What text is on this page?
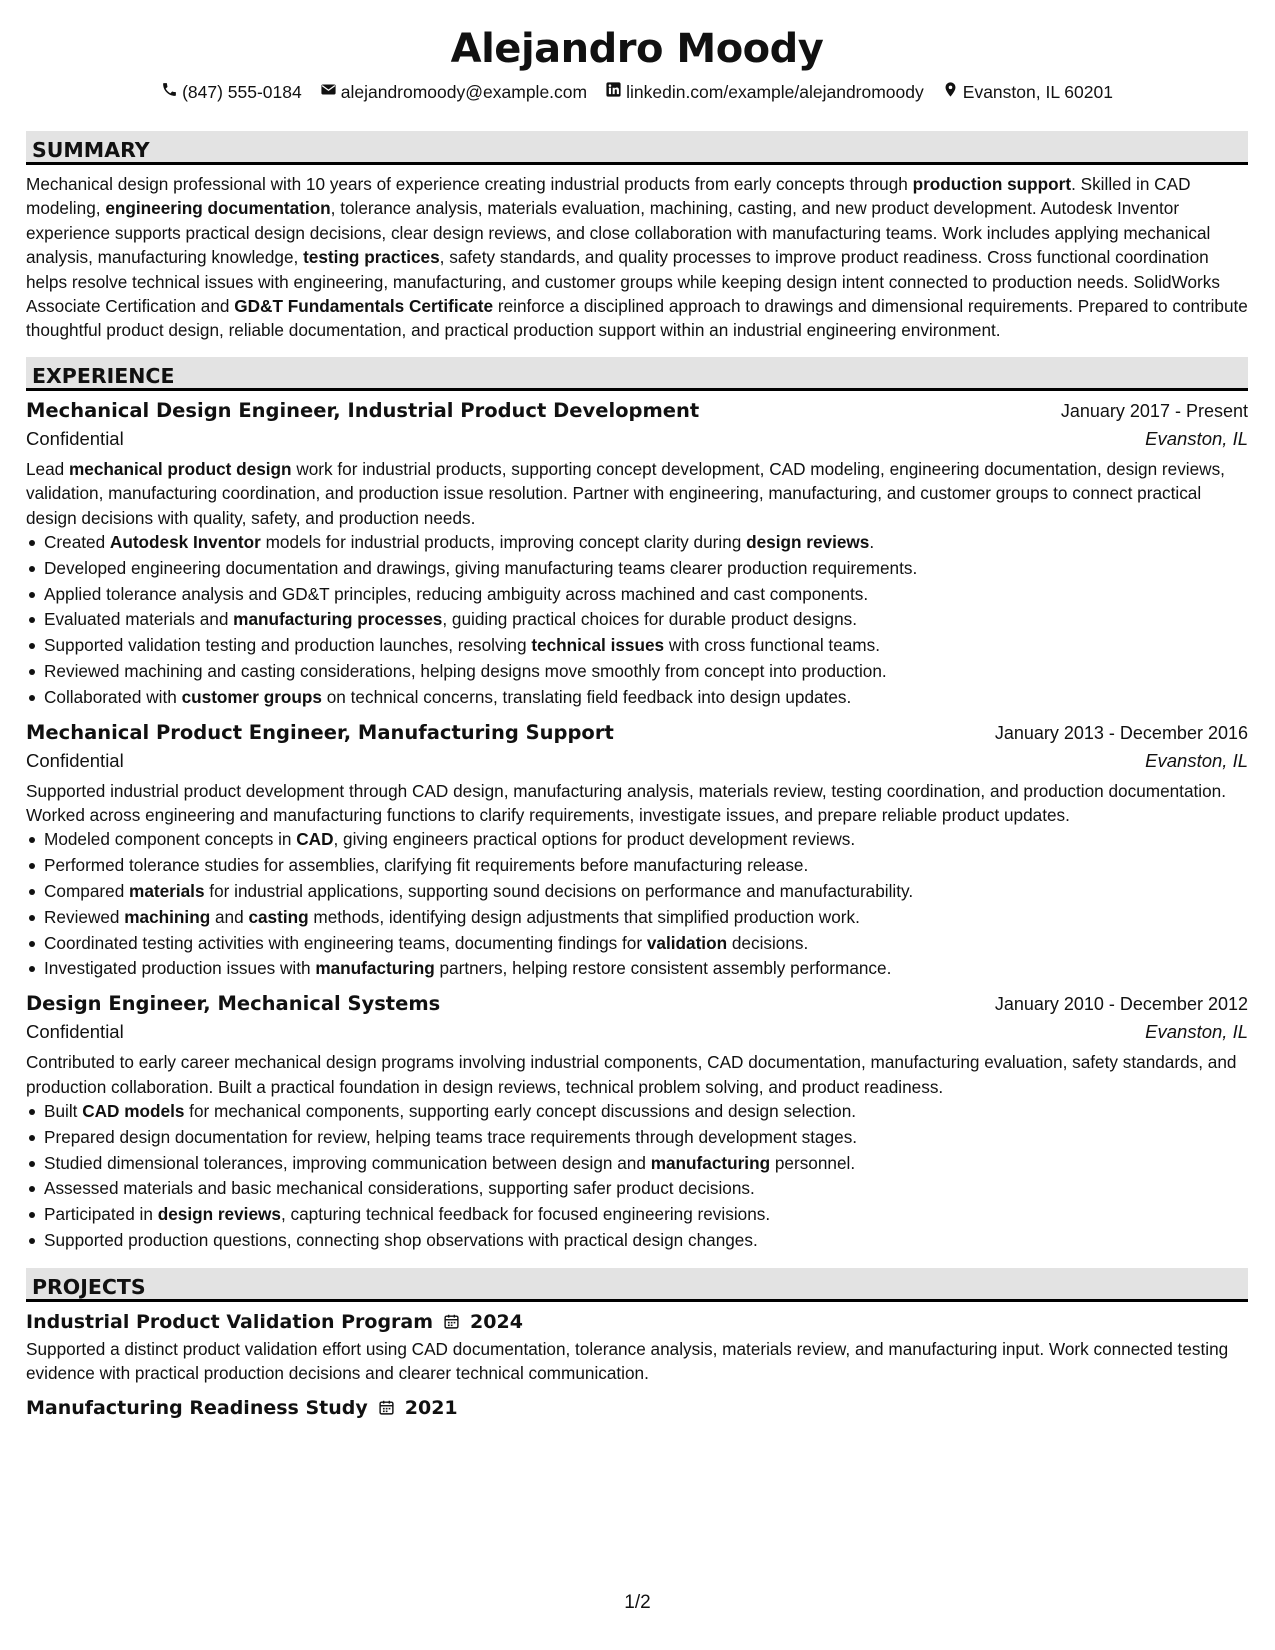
Alejandro Moody
(847) 555-0184 alejandromoody@example.com linkedin.com/example/alejandromoody Evanston, IL 60201
SUMMARY

Mechanical design professional with 10 years of experience creating industrial products from early concepts through production support. Skilled in CAD modeling, engineering documentation, tolerance analysis, materials evaluation, machining, casting, and new product development. Autodesk Inventor experience supports practical design decisions, clear design reviews, and close collaboration with manufacturing teams. Work includes applying mechanical analysis, manufacturing knowledge, testing practices, safety standards, and quality processes to improve product readiness. Cross functional coordination helps resolve technical issues with engineering, manufacturing, and customer groups while keeping design intent connected to production needs. SolidWorks Associate Certification and GD&T Fundamentals Certificate reinforce a disciplined approach to drawings and dimensional requirements. Prepared to contribute thoughtful product design, reliable documentation, and practical production support within an industrial engineering environment.

EXPERIENCE
Mechanical Design Engineer, Industrial Product Development	January 2017 - Present
Confidential	Evanston, IL

Lead mechanical product design work for industrial products, supporting concept development, CAD modeling, engineering documentation, design reviews, validation, manufacturing coordination, and production issue resolution. Partner with engineering, manufacturing, and customer groups to connect practical design decisions with quality, safety, and production needs.

Created Autodesk Inventor models for industrial products, improving concept clarity during design reviews.
Developed engineering documentation and drawings, giving manufacturing teams clearer production requirements.
Applied tolerance analysis and GD&T principles, reducing ambiguity across machined and cast components.
Evaluated materials and manufacturing processes, guiding practical choices for durable product designs.
Supported validation testing and production launches, resolving technical issues with cross functional teams.
Reviewed machining and casting considerations, helping designs move smoothly from concept into production.
Collaborated with customer groups on technical concerns, translating field feedback into design updates.
Mechanical Product Engineer, Manufacturing Support	January 2013 - December 2016
Confidential	Evanston, IL

Supported industrial product development through CAD design, manufacturing analysis, materials review, testing coordination, and production documentation. Worked across engineering and manufacturing functions to clarify requirements, investigate issues, and prepare reliable product updates.

Modeled component concepts in CAD, giving engineers practical options for product development reviews.
Performed tolerance studies for assemblies, clarifying fit requirements before manufacturing release.
Compared materials for industrial applications, supporting sound decisions on performance and manufacturability.
Reviewed machining and casting methods, identifying design adjustments that simplified production work.
Coordinated testing activities with engineering teams, documenting findings for validation decisions.
Investigated production issues with manufacturing partners, helping restore consistent assembly performance.
Design Engineer, Mechanical Systems	January 2010 - December 2012
Confidential	Evanston, IL

Contributed to early career mechanical design programs involving industrial components, CAD documentation, manufacturing evaluation, safety standards, and production collaboration. Built a practical foundation in design reviews, technical problem solving, and product readiness.

Built CAD models for mechanical components, supporting early concept discussions and design selection.
Prepared design documentation for review, helping teams trace requirements through development stages.
Studied dimensional tolerances, improving communication between design and manufacturing personnel.
Assessed materials and basic mechanical considerations, supporting safer product decisions.
Participated in design reviews, capturing technical feedback for focused engineering revisions.
Supported production questions, connecting shop observations with practical design changes.
PROJECTS
Industrial Product Validation Program 2024

Supported a distinct product validation effort using CAD documentation, tolerance analysis, materials review, and manufacturing input. Work connected testing evidence with practical production decisions and clearer technical communication.

Manufacturing Readiness Study 2021
1/2
